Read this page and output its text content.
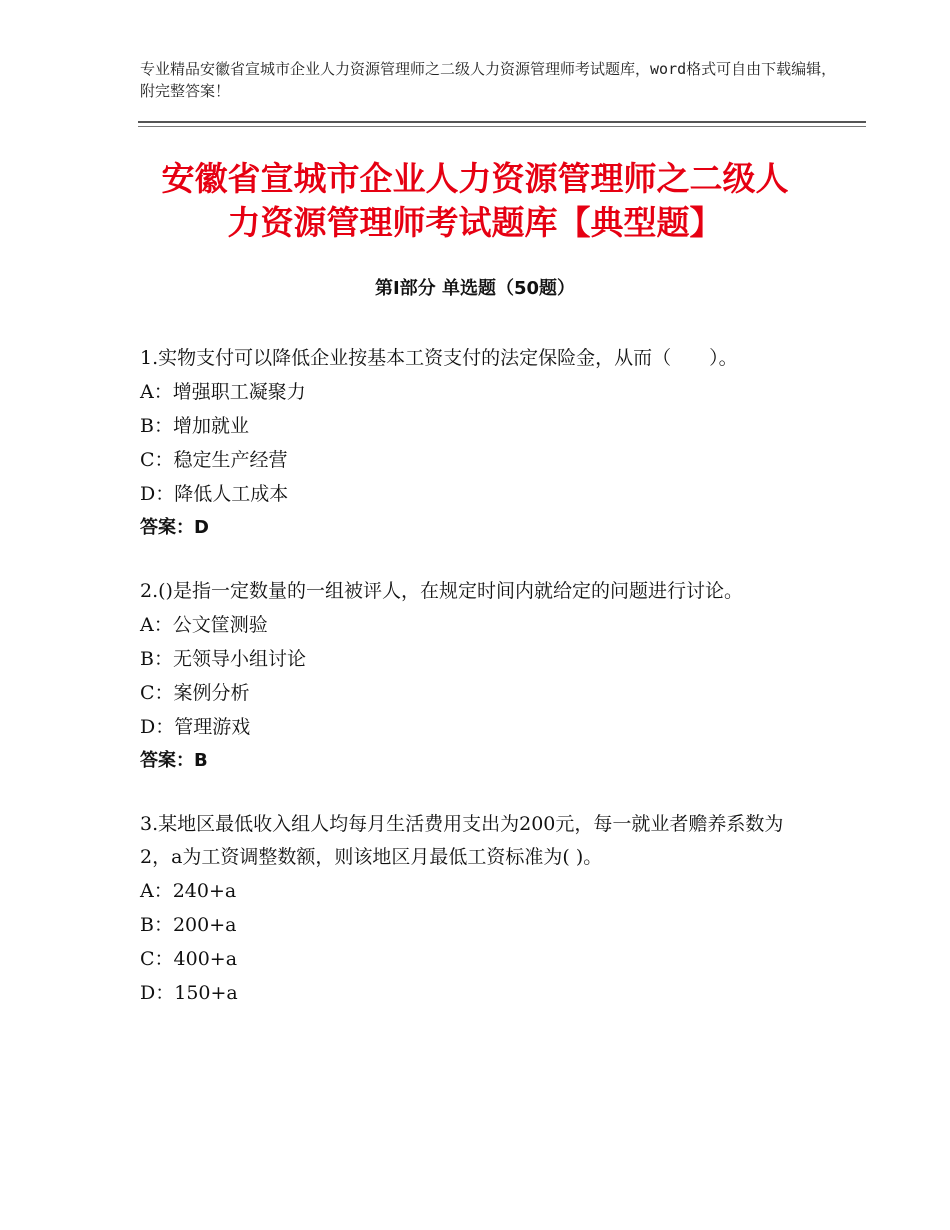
专业精品安徽省宣城市企业人力资源管理师之二级人力资源管理师考试题库，word格式可自由下载编辑，附完整答案！
安徽省宣城市企业人力资源管理师之二级人
力资源管理师考试题库【典型题】
第Ⅰ部分 单选题（50题）

1.实物支付可以降低企业按基本工资支付的法定保险金，从而（　　）。

A：增强职工凝聚力

B：增加就业

C：稳定生产经营

D：降低人工成本

答案：D

2.()是指一定数量的一组被评人，在规定时间内就给定的问题进行讨论。

A：公文筐测验

B：无领导小组讨论

C：案例分析

D：管理游戏

答案：B

3.某地区最低收入组人均每月生活费用支出为200元，每一就业者赡养系数为2，a为工资调整数额，则该地区月最低工资标准为( )。

A：240+a

B：200+a

C：400+a

D：150+a
